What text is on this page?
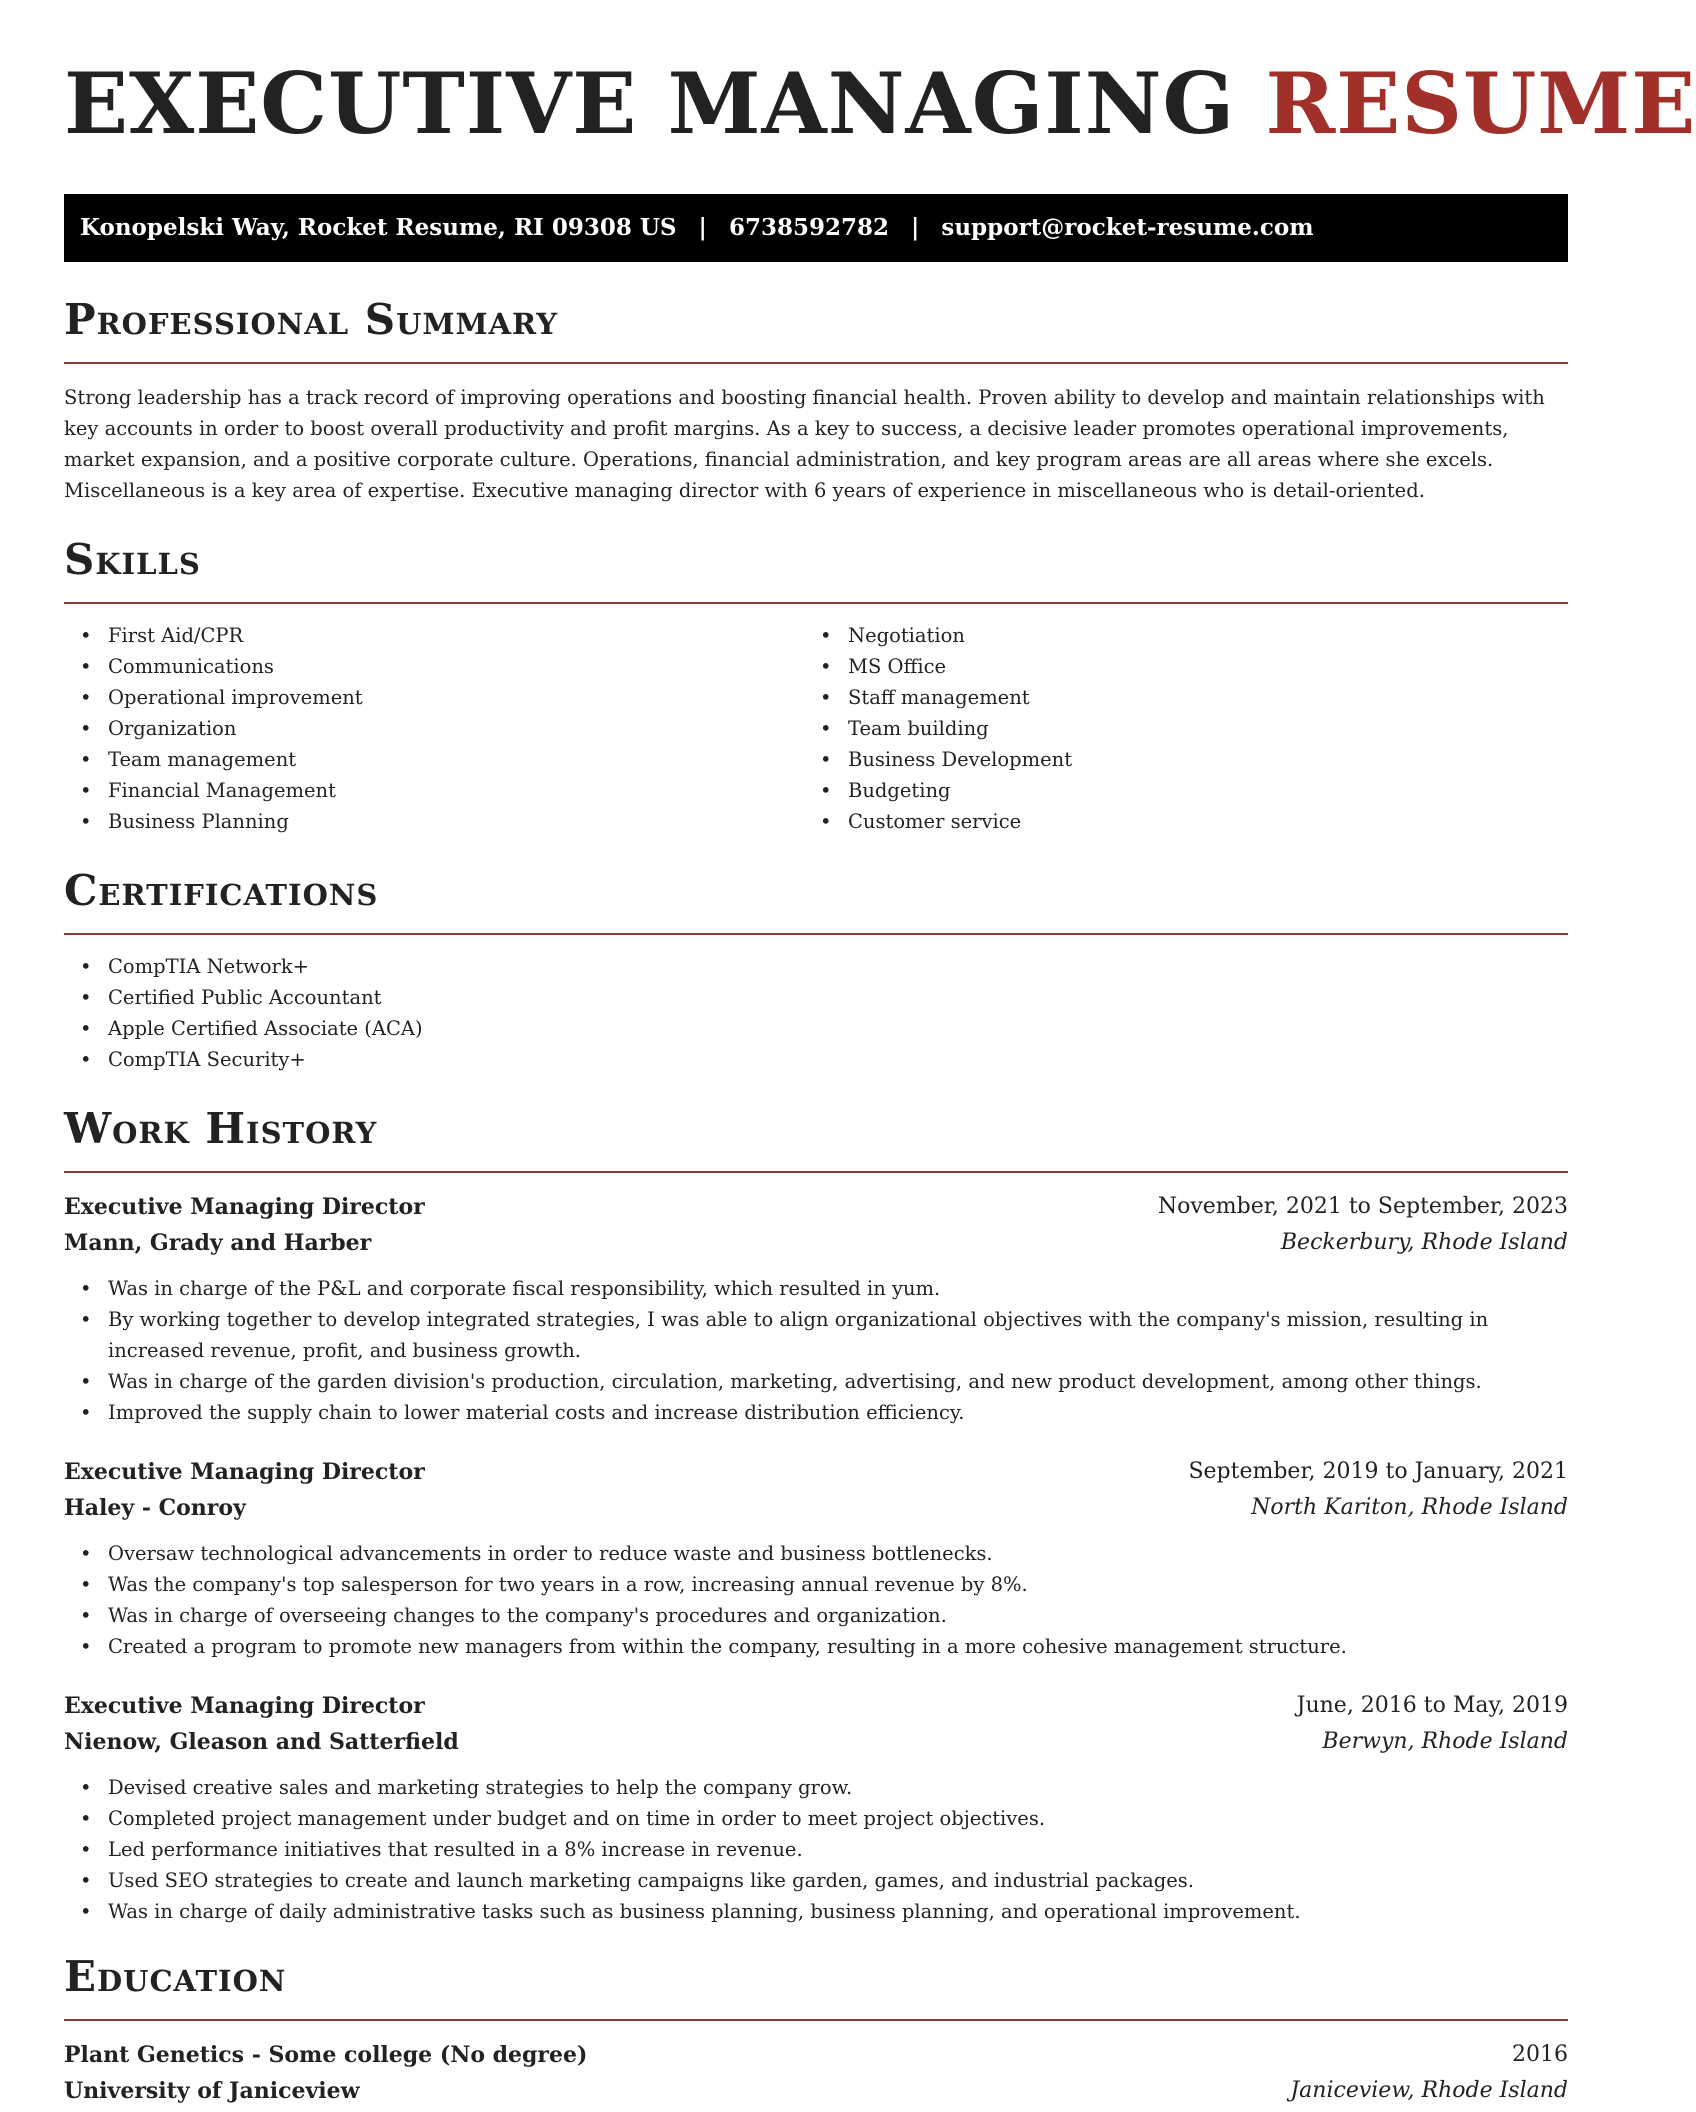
EXECUTIVE MANAGING RESUME
Konopelski Way, Rocket Resume, RI 09308 US | 6738592782 | support@rocket-resume.com
Professional Summary

Strong leadership has a track record of improving operations and boosting financial health. Proven ability to develop and maintain relationships with key accounts in order to boost overall productivity and profit margins. As a key to success, a decisive leader promotes operational improvements, market expansion, and a positive corporate culture. Operations, financial administration, and key program areas are all areas where she excels. Miscellaneous is a key area of expertise. Executive managing director with 6 years of experience in miscellaneous who is detail-oriented.

Skills
• First Aid/CPR
• Communications
• Operational improvement
• Organization
• Team management
• Financial Management
• Business Planning
• Negotiation
• MS Office
• Staff management
• Team building
• Business Development
• Budgeting
• Customer service
Certifications
• CompTIA Network+
• Certified Public Accountant
• Apple Certified Associate (ACA)
• CompTIA Security+
Work History
Executive Managing Director	November, 2021 to September, 2023
Mann, Grady and Harber	Beckerbury, Rhode Island
• Was in charge of the P&L and corporate fiscal responsibility, which resulted in yum.
• By working together to develop integrated strategies, I was able to align organizational objectives with the company's mission, resulting in increased revenue, profit, and business growth.
• Was in charge of the garden division's production, circulation, marketing, advertising, and new product development, among other things.
• Improved the supply chain to lower material costs and increase distribution efficiency.
Executive Managing Director	September, 2019 to January, 2021
Haley - Conroy	North Kariton, Rhode Island
• Oversaw technological advancements in order to reduce waste and business bottlenecks.
• Was the company's top salesperson for two years in a row, increasing annual revenue by 8%.
• Was in charge of overseeing changes to the company's procedures and organization.
• Created a program to promote new managers from within the company, resulting in a more cohesive management structure.
Executive Managing Director	June, 2016 to May, 2019
Nienow, Gleason and Satterfield	Berwyn, Rhode Island
• Devised creative sales and marketing strategies to help the company grow.
• Completed project management under budget and on time in order to meet project objectives.
• Led performance initiatives that resulted in a 8% increase in revenue.
• Used SEO strategies to create and launch marketing campaigns like garden, games, and industrial packages.
• Was in charge of daily administrative tasks such as business planning, business planning, and operational improvement.
Education
Plant Genetics - Some college (No degree)	2016
University of Janiceview	Janiceview, Rhode Island
